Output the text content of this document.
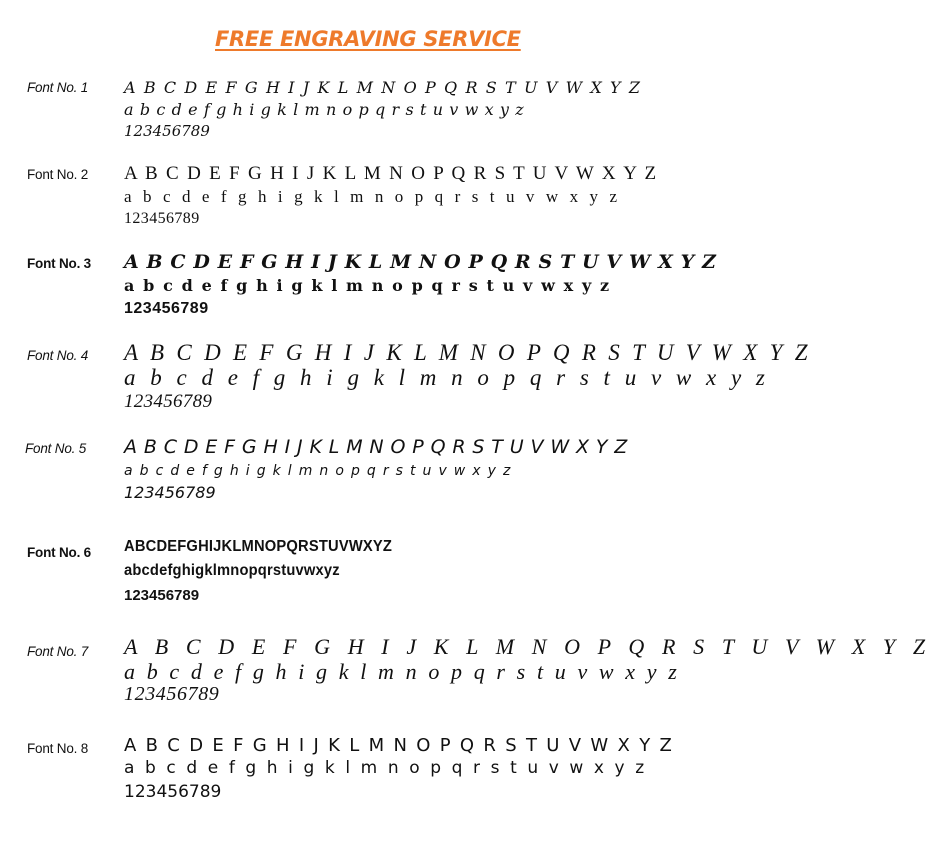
FREE ENGRAVING SERVICE
Font No. 1 A B C D E F G H I J K L M N O P Q R S T U V W X Y Z
a b c d e f g h i g k l m n o p q r s t u v w x y z
123456789
Font No. 2 A B C D E F G H I J K L M N O P Q R S T U V W X Y Z
a b c d e f g h i g k l m n o p q r s t u v w x y z
123456789
Font No. 3 A B C D E F G H I J K L M N O P Q R S T U V W X Y Z
a b c d e f g h i g k l m n o p q r s t u v w x y z
123456789
Font No. 4 A B C D E F G H I J K L M N O P Q R S T U V W X Y Z
a b c d e f g h i g k l m n o p q r s t u v w x y z
123456789
Font No. 5 A B C D E F G H I J K L M N O P Q R S T U V W X Y Z
a b c d e f g h i g k l m n o p q r s t u v w x y z
123456789
Font No. 6 ABCDEFGHIJKLMNOPQRSTUVWXYZ
abcdefghigklmnopqrstuvwxyz
123456789
Font No. 7 A B C D E F G H I J K L M N O P Q R S T U V W X Y Z
a b c d e f g h i g k l m n o p q r s t u v w x y z
123456789
Font No. 8 A B C D E F G H I J K L M N O P Q R S T U V W X Y Z
a b c d e f g h i g k l m n o p q r s t u v w x y z
123456789
